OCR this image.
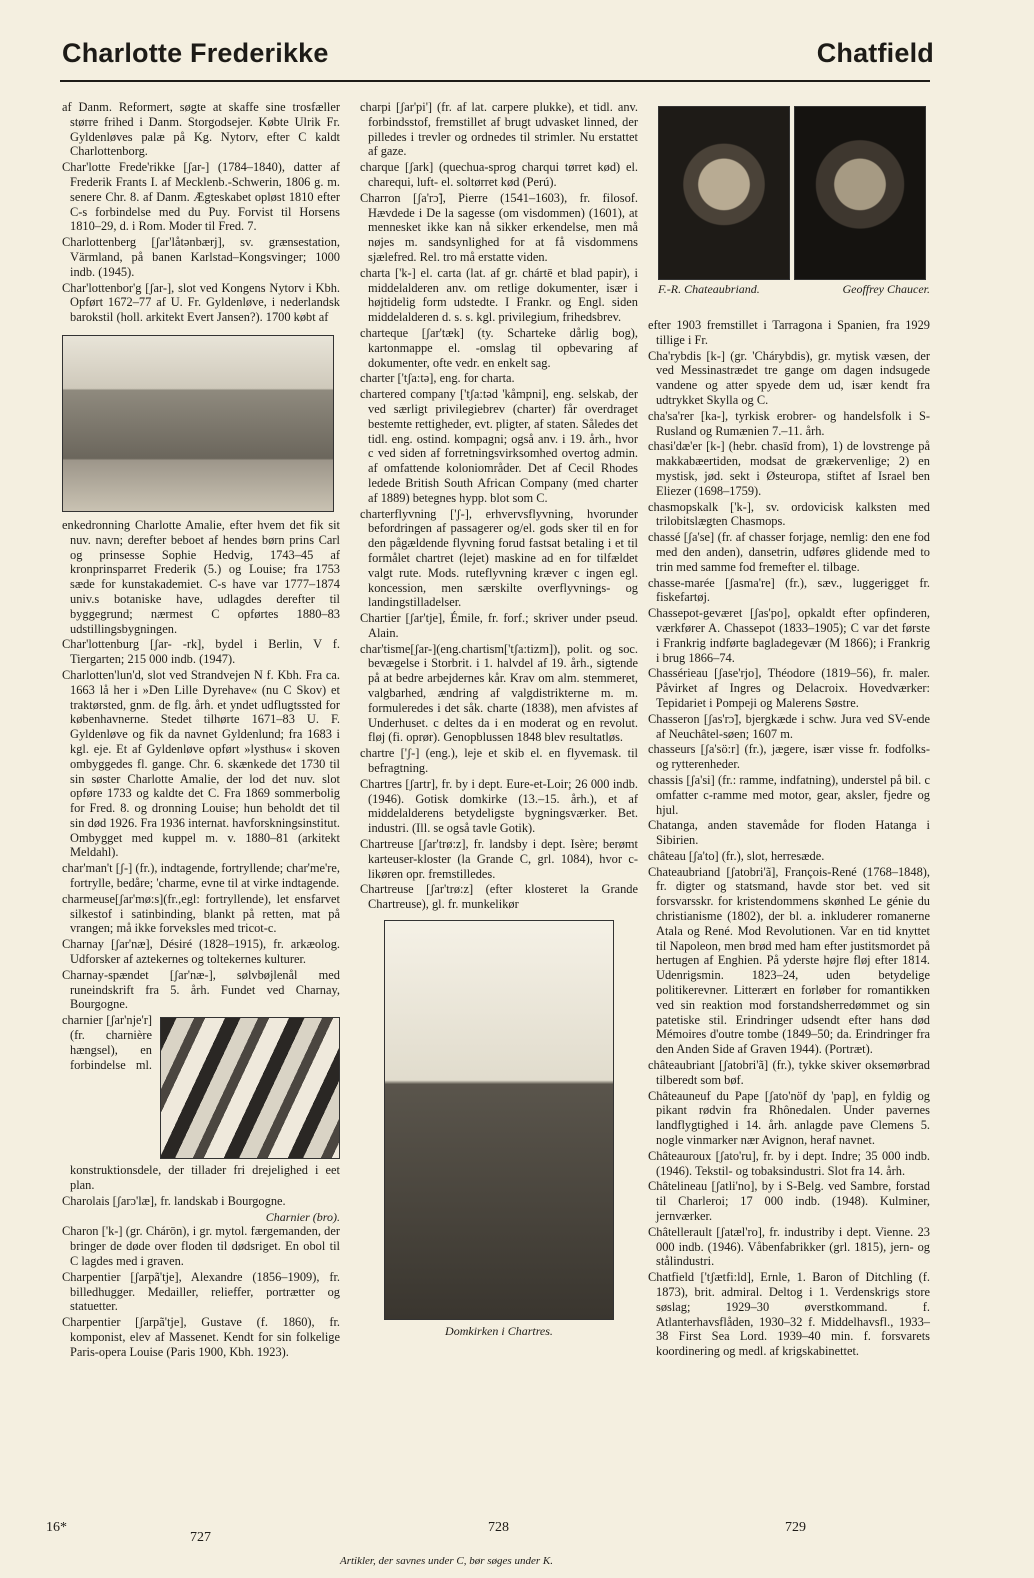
Charlotte Frederikke	Chatfield

af Danm. Reformert, søgte at skaffe sine trosfæller større frihed i Danm. Storgodsejer. Købte Ulrik Fr. Gyldenløves palæ på Kg. Nytorv, efter C kaldt Charlottenborg.

Char'lotte Frede'rikke [ʃar-] (1784–1840), datter af Frederik Frants I. af Mecklenb.-Schwerin, 1806 g. m. senere Chr. 8. af Danm. Ægteskabet opløst 1810 efter C-s forbindelse med du Puy. Forvist til Horsens 1810–29, d. i Rom. Moder til Fred. 7.

Charlottenberg [ʃar'låtənbærj], sv. grænsestation, Värmland, på banen Karlstad–Kongsvinger; 1000 indb. (1945).

Char'lottenbor'g [ʃar-], slot ved Kongens Nytorv i Kbh. Opført 1672–77 af U. Fr. Gyldenløve, i nederlandsk barokstil (holl. arkitekt Evert Jansen?). 1700 købt af

enkedronning Charlotte Amalie, efter hvem det fik sit nuv. navn; derefter beboet af hendes børn prins Carl og prinsesse Sophie Hedvig, 1743–45 af kronprinsparret Frederik (5.) og Louise; fra 1753 sæde for kunstakademiet. C-s have var 1777–1874 univ.s botaniske have, udlagdes derefter til byggegrund; nærmest C opførtes 1880–83 udstillingsbygningen.

Char'lottenburg [ʃar- -rk], bydel i Berlin, V f. Tiergarten; 215 000 indb. (1947).

Charlotten'lun'd, slot ved Strandvejen N f. Kbh. Fra ca. 1663 lå her i »Den Lille Dyrehave« (nu C Skov) et traktørsted, gnm. de flg. årh. et yndet udflugtssted for københavnerne. Stedet tilhørte 1671–83 U. F. Gyldenløve og fik da navnet Gyldenlund; fra 1683 i kgl. eje. Et af Gyldenløve opført »lysthus« i skoven ombyggedes fl. gange. Chr. 6. skænkede det 1730 til sin søster Charlotte Amalie, der lod det nuv. slot opføre 1733 og kaldte det C. Fra 1869 sommerbolig for Fred. 8. og dronning Louise; hun beholdt det til sin død 1926. Fra 1936 internat. havforskningsinstitut. Ombygget med kuppel m. v. 1880–81 (arkitekt Meldahl).

char'man't [ʃ-] (fr.), indtagende, fortryllende; char'me're, fortrylle, bedåre; 'charme, evne til at virke indtagende.

charmeuse[ʃar'mø:s](fr.,egl: fortryllende), let ensfarvet silkestof i satinbinding, blankt på retten, mat på vrangen; må ikke forveksles med tricot-c.

Charnay [ʃar'næ], Désiré (1828–1915), fr. arkæolog. Udforsker af aztekernes og toltekernes kulturer.

Charnay-spændet [ʃar'næ-], sølvbøjlenål med runeindskrift fra 5. årh. Fundet ved Charnay, Bourgogne.

charnier [ʃar'nje'r](fr. charnière hængsel), en forbindelse ml. konstruktionsdele, der tillader fri drejelighed i eet plan.

Charolais [ʃarɔ'læ], fr. landskab i Bourgogne.

Charnier (bro).

Charon ['k-] (gr. Chárōn), i gr. mytol. færgemanden, der bringer de døde over floden til dødsriget. En obol til C lagdes med i graven.

Charpentier [ʃarpã'tje], Alexandre (1856–1909), fr. billedhugger. Medailler, relieffer, portrætter og statuetter.

Charpentier [ʃarpã'tje], Gustave (f. 1860), fr. komponist, elev af Massenet. Kendt for sin folkelige Paris-opera Louise (Paris 1900, Kbh. 1923).

charpi [ʃar'pi'] (fr. af lat. carpere plukke), et tidl. anv. forbindsstof, fremstillet af brugt udvasket linned, der pilledes i trevler og ordnedes til strimler. Nu erstattet af gaze.

charque [ʃark] (quechua-sprog charqui tørret kød) el. charequi, luft- el. soltørret kød (Perú).

Charron [ʃa'rɔ̃], Pierre (1541–1603), fr. filosof. Hævdede i De la sagesse (om visdommen) (1601), at mennesket ikke kan nå sikker erkendelse, men må nøjes m. sandsynlighed for at få visdommens sjælefred. Rel. tro må erstatte viden.

charta ['k-] el. carta (lat. af gr. chártē et blad papir), i middelalderen anv. om retlige dokumenter, især i højtidelig form udstedte. I Frankr. og Engl. siden middelalderen d. s. s. kgl. privilegium, frihedsbrev.

charteque [ʃar'tæk] (ty. Scharteke dårlig bog), kartonmappe el. -omslag til opbevaring af dokumenter, ofte vedr. en enkelt sag.

charter ['tʃa:tə], eng. for charta.

chartered company ['tʃa:təd 'kåmpni], eng. selskab, der ved særligt privilegiebrev (charter) får overdraget bestemte rettigheder, evt. pligter, af staten. Således det tidl. eng. ostind. kompagni; også anv. i 19. årh., hvor c ved siden af forretningsvirksomhed overtog admin. af omfattende koloniområder. Det af Cecil Rhodes ledede British South African Company (med charter af 1889) betegnes hypp. blot som C.

charterflyvning ['ʃ-], erhvervsflyvning, hvorunder befordringen af passagerer og/el. gods sker til en for den pågældende flyvning forud fastsat betaling i et til formålet chartret (lejet) maskine ad en for tilfældet valgt rute. Mods. ruteflyvning kræver c ingen egl. koncession, men særskilte overflyvnings- og landingstilladelser.

Chartier [ʃar'tje], Émile, fr. forf.; skriver under pseud. Alain.

char'tisme[ʃar-](eng.chartism['tʃa:tizm]), polit. og soc. bevægelse i Storbrit. i 1. halvdel af 19. årh., sigtende på at bedre arbejdernes kår. Krav om alm. stemmeret, valgbarhed, ændring af valgdistrikterne m. m. formuleredes i det såk. charte (1838), men afvistes af Underhuset. c deltes da i en moderat og en revolut. fløj (fi. oprør). Genopblussen 1848 blev resultatløs.

chartre ['ʃ-] (eng.), leje et skib el. en flyvemask. til befragtning.

Chartres [ʃartr], fr. by i dept. Eure-et-Loir; 26 000 indb. (1946). Gotisk domkirke (13.–15. årh.), et af middelalderens betydeligste bygningsværker. Bet. industri. (Ill. se også tavle Gotik).

Chartreuse [ʃar'trø:z], fr. landsby i dept. Isère; berømt karteuser-kloster (la Grande C, grl. 1084), hvor c-likøren opr. fremstilledes.

Chartreuse [ʃar'trø:z] (efter klosteret la Grande Chartreuse), gl. fr. munkelikør

Domkirken i Chartres.
F.-R. Chateaubriand.	Geoffrey Chaucer.

efter 1903 fremstillet i Tarragona i Spanien, fra 1929 tillige i Fr.

Cha'rybdis [k-] (gr. 'Chárybdis), gr. mytisk væsen, der ved Messinastrædet tre gange om dagen indsugede vandene og atter spyede dem ud, især kendt fra udtrykket Skylla og C.

cha'sa'rer [ka-], tyrkisk erobrer- og handelsfolk i S-Rusland og Rumænien 7.–11. årh.

chasi'dæ'er [k-] (hebr. chasīd from), 1) de lovstrenge på makkabæertiden, modsat de grækervenlige; 2) en mystisk, jød. sekt i Østeuropa, stiftet af Israel ben Eliezer (1698–1759).

chasmopskalk ['k-], sv. ordovicisk kalksten med trilobitslægten Chasmops.

chassé [ʃa'se] (fr. af chasser forjage, nemlig: den ene fod med den anden), dansetrin, udføres glidende med to trin med samme fod fremefter el. tilbage.

chasse-marée [ʃasma're] (fr.), sæv., luggerigget fr. fiskefartøj.

Chassepot-geværet [ʃas'po], opkaldt efter opfinderen, værkfører A. Chassepot (1833–1905); C var det første i Frankrig indførte bagladegevær (M 1866); i Frankrig i brug 1866–74.

Chassérieau [ʃase'rjo], Théodore (1819–56), fr. maler. Påvirket af Ingres og Delacroix. Hovedværker: Tepidariet i Pompeji og Malerens Søstre.

Chasseron [ʃas'rɔ̃], bjergkæde i schw. Jura ved SV-ende af Neuchâtel-søen; 1607 m.

chasseurs [ʃa'sö:r] (fr.), jægere, især visse fr. fodfolks- og rytterenheder.

chassis [ʃa'si] (fr.: ramme, indfatning), understel på bil. c omfatter c-ramme med motor, gear, aksler, fjedre og hjul.

Chatanga, anden stavemåde for floden Hatanga i Sibirien.

château [ʃa'to] (fr.), slot, herresæde.

Chateaubriand [ʃatobri'ã], François-René (1768–1848), fr. digter og statsmand, havde stor bet. ved sit forsvarsskr. for kristendommens skønhed Le génie du christianisme (1802), der bl. a. inkluderer romanerne Atala og René. Mod Revolutionen. Var en tid knyttet til Napoleon, men brød med ham efter justitsmordet på hertugen af Enghien. På yderste højre fløj efter 1814. Udenrigsmin. 1823–24, uden betydelige politikerevner. Litterært en forløber for romantikken ved sin reaktion mod forstandsherredømmet og sin patetiske stil. Erindringer udsendt efter hans død Mémoires d'outre tombe (1849–50; da. Erindringer fra den Anden Side af Graven 1944). (Portræt).

châteaubriant [ʃatobri'ã] (fr.), tykke skiver oksemørbrad tilberedt som bøf.

Châteauneuf du Pape [ʃato'nöf dy 'pap], en fyldig og pikant rødvin fra Rhônedalen. Under pavernes landflygtighed i 14. årh. anlagde pave Clemens 5. nogle vinmarker nær Avignon, heraf navnet.

Châteauroux [ʃato'ru], fr. by i dept. Indre; 35 000 indb. (1946). Tekstil- og tobaksindustri. Slot fra 14. årh.

Châtelineau [ʃatli'no], by i S-Belg. ved Sambre, forstad til Charleroi; 17 000 indb. (1948). Kulminer, jernværker.

Châtellerault [ʃatæl'ro], fr. industriby i dept. Vienne. 23 000 indb. (1946). Våbenfabrikker (grl. 1815), jern- og stålindustri.

Chatfield ['tʃætfi:ld], Ernle, 1. Baron of Ditchling (f. 1873), brit. admiral. Deltog i 1. Verdenskrigs store søslag; 1929–30 øverstkommand. f. Atlanterhavsflåden, 1930–32 f. Middelhavsfl., 1933–38 First Sea Lord. 1939–40 min. f. forsvarets koordinering og medl. af krigskabinettet.

16*
727
728	729
Artikler, der savnes under C, bør søges under K.
